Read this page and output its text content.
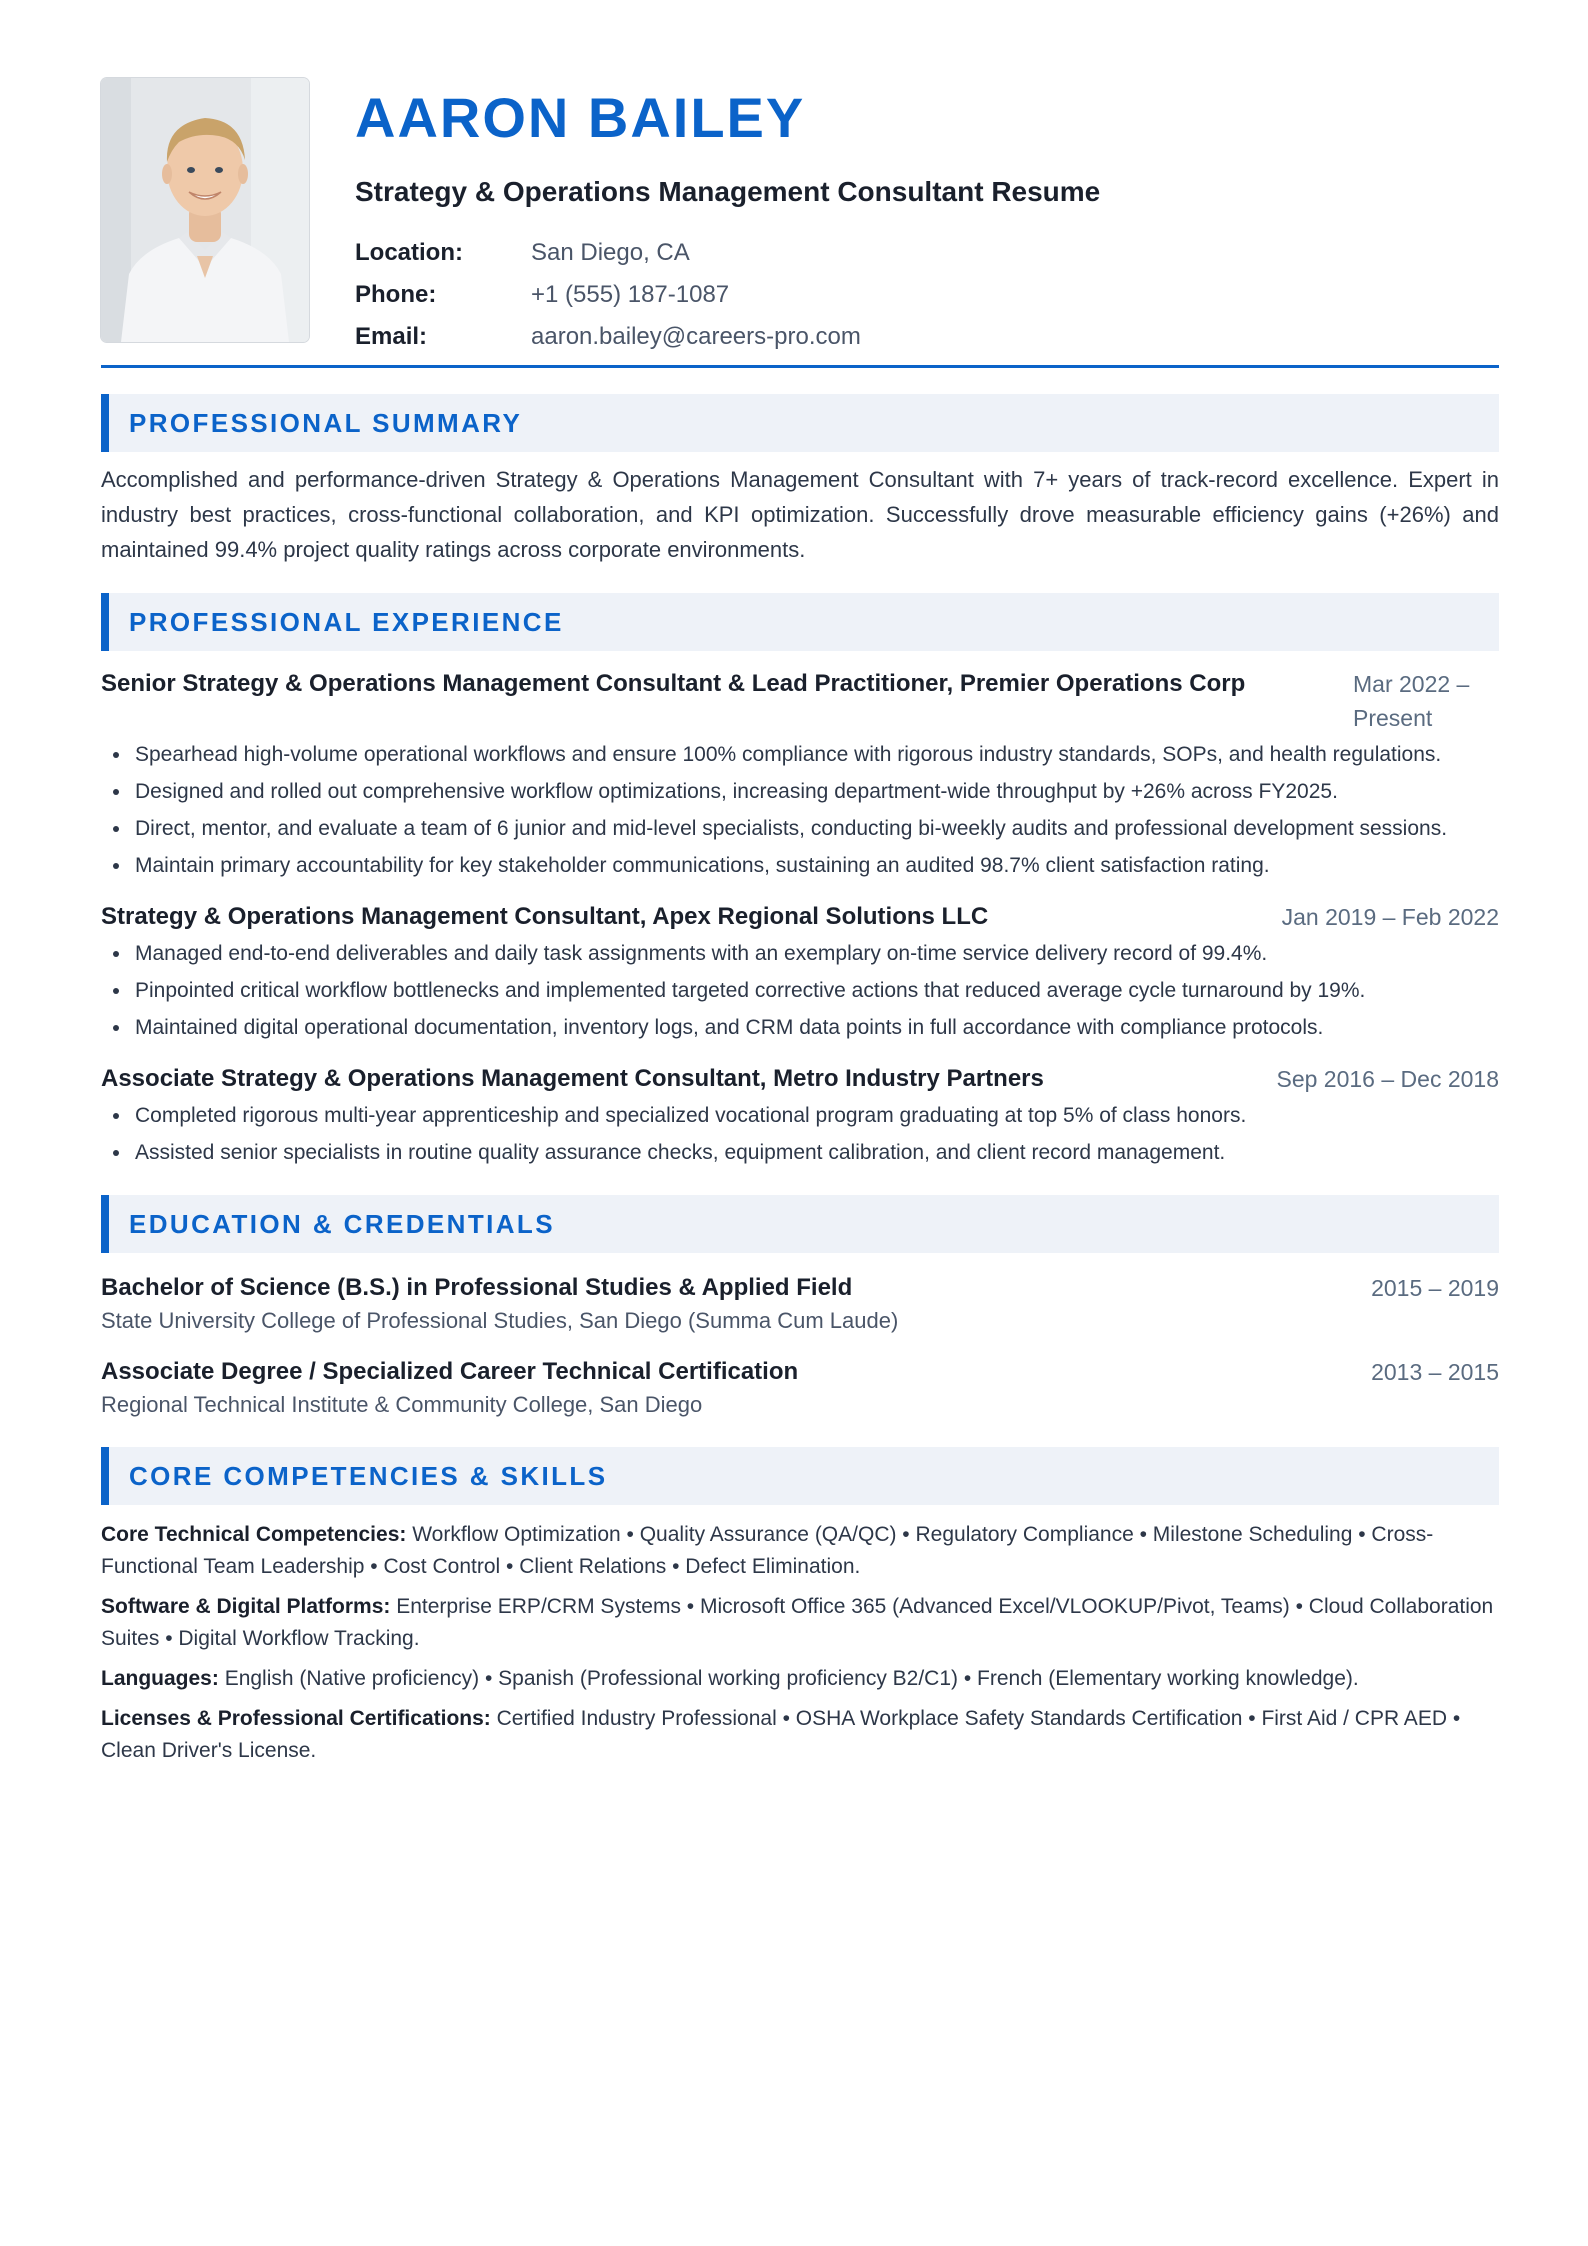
AARON BAILEY
Strategy & Operations Management Consultant Resume
Location:	San Diego, CA
Phone:	+1 (555) 187-1087
Email:	aaron.bailey@careers-pro.com
PROFESSIONAL SUMMARY

Accomplished and performance-driven Strategy & Operations Management Consultant with 7+ years of track-record excellence. Expert in industry best practices, cross-functional collaboration, and KPI optimization. Successfully drove measurable efficiency gains (+26%) and maintained 99.4% project quality ratings across corporate environments.

PROFESSIONAL EXPERIENCE
Senior Strategy & Operations Management Consultant & Lead Practitioner, Premier Operations Corp	Mar 2022 – Present
Spearhead high-volume operational workflows and ensure 100% compliance with rigorous industry standards, SOPs, and health regulations.
Designed and rolled out comprehensive workflow optimizations, increasing department-wide throughput by +26% across FY2025.
Direct, mentor, and evaluate a team of 6 junior and mid-level specialists, conducting bi-weekly audits and professional development sessions.
Maintain primary accountability for key stakeholder communications, sustaining an audited 98.7% client satisfaction rating.
Strategy & Operations Management Consultant, Apex Regional Solutions LLC	Jan 2019 – Feb 2022
Managed end-to-end deliverables and daily task assignments with an exemplary on-time service delivery record of 99.4%.
Pinpointed critical workflow bottlenecks and implemented targeted corrective actions that reduced average cycle turnaround by 19%.
Maintained digital operational documentation, inventory logs, and CRM data points in full accordance with compliance protocols.
Associate Strategy & Operations Management Consultant, Metro Industry Partners	Sep 2016 – Dec 2018
Completed rigorous multi-year apprenticeship and specialized vocational program graduating at top 5% of class honors.
Assisted senior specialists in routine quality assurance checks, equipment calibration, and client record management.
EDUCATION & CREDENTIALS
Bachelor of Science (B.S.) in Professional Studies & Applied Field	2015 – 2019
State University College of Professional Studies, San Diego (Summa Cum Laude)
Associate Degree / Specialized Career Technical Certification	2013 – 2015
Regional Technical Institute & Community College, San Diego
CORE COMPETENCIES & SKILLS
Core Technical Competencies: Workflow Optimization • Quality Assurance (QA/QC) • Regulatory Compliance • Milestone Scheduling • Cross-Functional Team Leadership • Cost Control • Client Relations • Defect Elimination.
Software & Digital Platforms: Enterprise ERP/CRM Systems • Microsoft Office 365 (Advanced Excel/VLOOKUP/Pivot, Teams) • Cloud Collaboration Suites • Digital Workflow Tracking.
Languages: English (Native proficiency) • Spanish (Professional working proficiency B2/C1) • French (Elementary working knowledge).
Licenses & Professional Certifications: Certified Industry Professional • OSHA Workplace Safety Standards Certification • First Aid / CPR AED • Clean Driver's License.
